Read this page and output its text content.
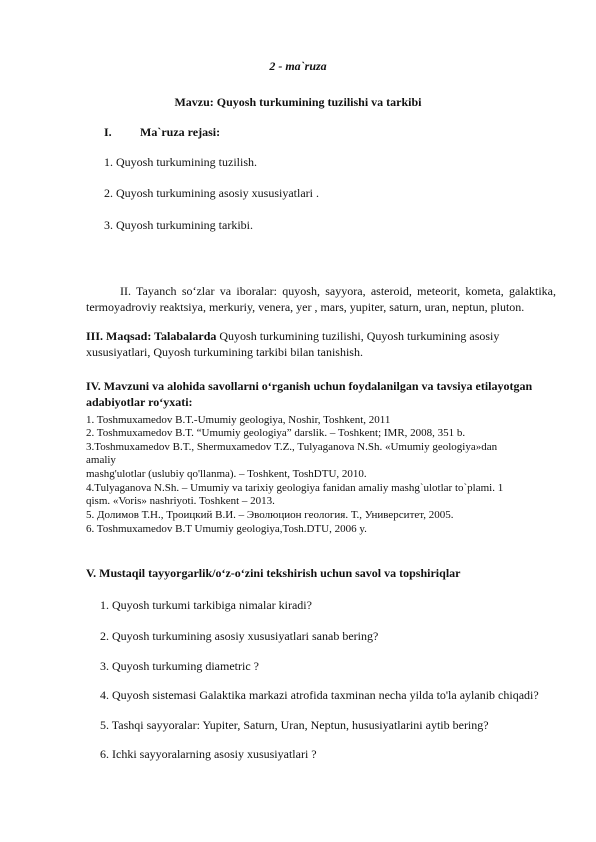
2 - ma`ruza
Mavzu: Quyosh turkumining tuzilishi va tarkibi
I. Ma`ruza rejasi:
1. Quyosh turkumining tuzilish.
2. Quyosh turkumining asosiy xususiyatlari .
3. Quyosh turkumining tarkibi.
II. Tayanch so‘zlar va iboralar: quyosh, sayyora, asteroid, meteorit, kometa, galaktika,
termoyadroviy reaktsiya, merkuriy, venera, yer , mars, yupiter, saturn, uran, neptun, pluton.
III. Maqsad: Talabalarda Quyosh turkumining tuzilishi, Quyosh turkumining asosiy
xususiyatlari, Quyosh turkumining tarkibi bilan tanishish.
IV. Mavzuni va alohida savollarni o‘rganish uchun foydalanilgan va tavsiya etilayotgan
adabiyotlar ro‘yxati:
1. Toshmuxamedov B.T.-Umumiy geologiya, Noshir, Toshkent, 2011
2. Toshmuxamedov B.T. “Umumiy geologiya” darslik. – Toshkent; IMR, 2008, 351 b.
3.Toshmuxamedov B.T., Shermuxamedov T.Z., Tulyaganova N.Sh. «Umumiy geologiya»dan
amaliy
mashg'ulotlar (uslubiy qo'llanma). – Toshkent, ToshDTU, 2010.
4.Tulyaganova N.Sh. – Umumiy va tarixiy geologiya fanidan amaliy mashg`ulotlar to`plami. 1
qism. «Voris» nashriyoti. Toshkent – 2013.
5. Долимов Т.Н., Троицкий В.И. – Эволюцион геология. Т., Университет, 2005.
6. Toshmuxamedov B.T Umumiy geologiya,Tosh.DTU, 2006 y.
V. Mustaqil tayyorgarlik/o‘z-o‘zini tekshirish uchun savol va topshiriqlar
1. Quyosh turkumi tarkibiga nimalar kiradi?
2. Quyosh turkumining asosiy xususiyatlari sanab bering?
3. Quyosh turkuming diametric ?
4. Quyosh sistemasi Galaktika markazi atrofida taxminan necha yilda to'la aylanib chiqadi?
5. Tashqi sayyoralar: Yupiter, Saturn, Uran, Neptun, hususiyatlarini aytib bering?
6. Ichki sayyoralarning asosiy xususiyatlari ?
